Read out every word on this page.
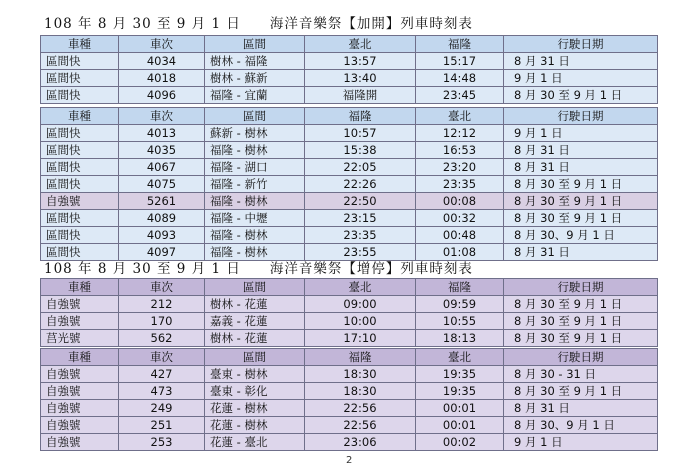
108 年 8 月 30 至 9 月 1 日　　海洋音樂祭【加開】列車時刻表
車種	車次	區間	臺北	福隆	行駛日期
區間快	4034	樹林 - 福隆	13:57	15:17	8 月 31 日
區間快	4018	樹林 - 蘇新	13:40	14:48	9 月 1 日
區間快	4096	福隆 - 宜蘭	福隆開	23:45	8 月 30 至 9 月 1 日
車種	車次	區間	福隆	臺北	行駛日期
區間快	4013	蘇新 - 樹林	10:57	12:12	9 月 1 日
區間快	4035	福隆 - 樹林	15:38	16:53	8 月 31 日
區間快	4067	福隆 - 湖口	22:05	23:20	8 月 31 日
區間快	4075	福隆 - 新竹	22:26	23:35	8 月 30 至 9 月 1 日
自強號	5261	福隆 - 樹林	22:50	00:08	8 月 30 至 9 月 1 日
區間快	4089	福隆 - 中壢	23:15	00:32	8 月 30 至 9 月 1 日
區間快	4093	福隆 - 樹林	23:35	00:48	8 月 30、9 月 1 日
區間快	4097	福隆 - 樹林	23:55	01:08	8 月 31 日
108 年 8 月 30 至 9 月 1 日　　海洋音樂祭【增停】列車時刻表
車種	車次	區間	臺北	福隆	行駛日期
自強號	212	樹林 - 花蓮	09:00	09:59	8 月 30 至 9 月 1 日
自強號	170	嘉義 - 花蓮	10:00	10:55	8 月 30 至 9 月 1 日
莒光號	562	樹林 - 花蓮	17:10	18:13	8 月 30 至 9 月 1 日
車種	車次	區間	福隆	臺北	行駛日期
自強號	427	臺東 - 樹林	18:30	19:35	8 月 30 - 31 日
自強號	473	臺東 - 彰化	18:30	19:35	8 月 30 至 9 月 1 日
自強號	249	花蓮 - 樹林	22:56	00:01	8 月 31 日
自強號	251	花蓮 - 樹林	22:56	00:01	8 月 30、9 月 1 日
自強號	253	花蓮 - 臺北	23:06	00:02	9 月 1 日
2
